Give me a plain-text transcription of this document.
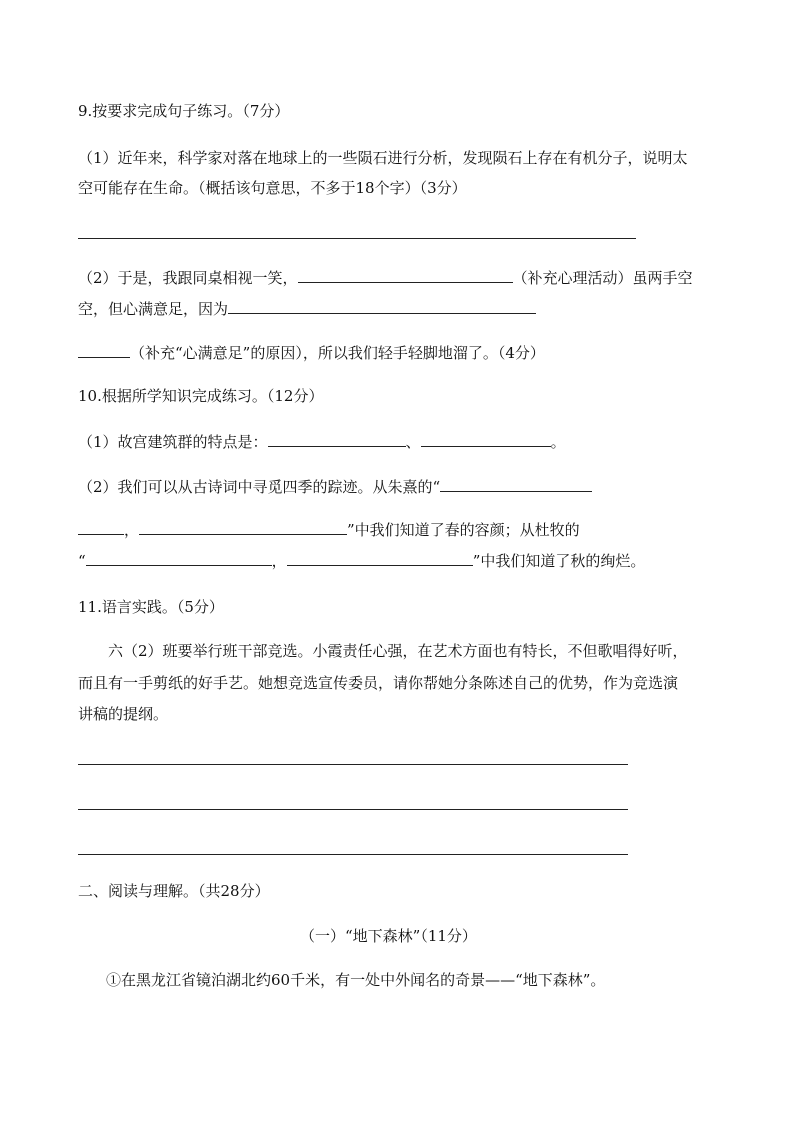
9.按要求完成句子练习。（7分）
（1）近年来，科学家对落在地球上的一些陨石进行分析，发现陨石上存在有机分子，说明太
空可能存在生命。（概括该句意思，不多于18个字）（3分）
（2）于是，我跟同桌相视一笑，	（补充心理活动）虽两手空
空，但心满意足，因为
（补充“心满意足”的原因），所以我们轻手轻脚地溜了。（4分）
10.根据所学知识完成练习。（12分）
（1）故宫建筑群的特点是：	、	。
（2）我们可以从古诗词中寻觅四季的踪迹。从朱熹的“
，	”中我们知道了春的容颜；从杜牧的
“	，	”中我们知道了秋的绚烂。
11.语言实践。（5分）
六（2）班要举行班干部竞选。小霞责任心强，在艺术方面也有特长，不但歌唱得好听，
而且有一手剪纸的好手艺。她想竞选宣传委员，请你帮她分条陈述自己的优势，作为竞选演
讲稿的提纲。
二、阅读与理解。（共28分）
（一）“地下森林”（11分）
①在黑龙江省镜泊湖北约60千米，有一处中外闻名的奇景——“地下森林”。
